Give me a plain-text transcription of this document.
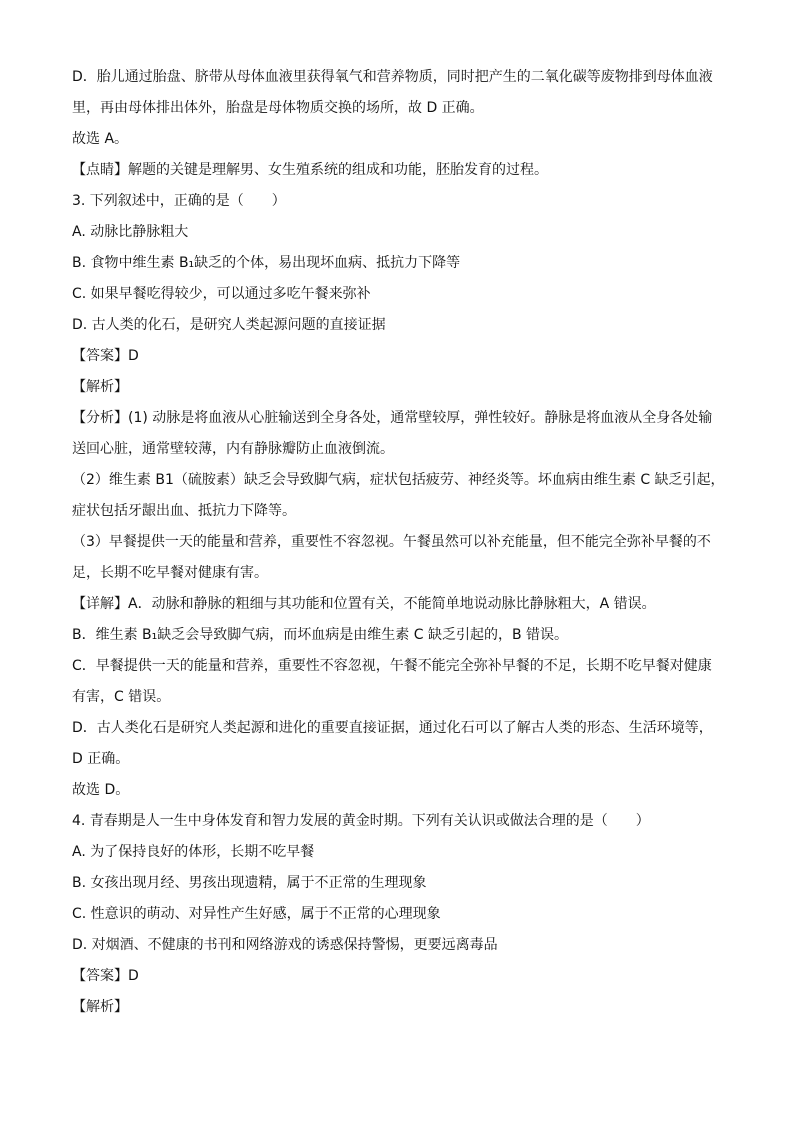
D．胎儿通过胎盘、脐带从母体血液里获得氧气和营养物质，同时把产生的二氧化碳等废物排到母体血液
里，再由母体排出体外，胎盘是母体物质交换的场所，故 D 正确。
故选 A。
【点睛】解题的关键是理解男、女生殖系统的组成和功能，胚胎发育的过程。
3. 下列叙述中，正确的是（　　）
A. 动脉比静脉粗大
B. 食物中维生素 B₁缺乏的个体，易出现坏血病、抵抗力下降等
C. 如果早餐吃得较少，可以通过多吃午餐来弥补
D. 古人类的化石，是研究人类起源问题的直接证据
【答案】D
【解析】
【分析】(1) 动脉是将血液从心脏输送到全身各处，通常壁较厚，弹性较好。静脉是将血液从全身各处输
送回心脏，通常壁较薄，内有静脉瓣防止血液倒流。
（2）维生素 B1（硫胺素）缺乏会导致脚气病，症状包括疲劳、神经炎等。坏血病由维生素 C 缺乏引起，
症状包括牙龈出血、抵抗力下降等。
（3）早餐提供一天的能量和营养，重要性不容忽视。午餐虽然可以补充能量，但不能完全弥补早餐的不
足，长期不吃早餐对健康有害。
【详解】A．动脉和静脉的粗细与其功能和位置有关，不能简单地说动脉比静脉粗大，A 错误。
B．维生素 B₁缺乏会导致脚气病，而坏血病是由维生素 C 缺乏引起的，B 错误。
C．早餐提供一天的能量和营养，重要性不容忽视，午餐不能完全弥补早餐的不足，长期不吃早餐对健康
有害，C 错误。
D．古人类化石是研究人类起源和进化的重要直接证据，通过化石可以了解古人类的形态、生活环境等，
D 正确。
故选 D。
4. 青春期是人一生中身体发育和智力发展的黄金时期。下列有关认识或做法合理的是（　　）
A. 为了保持良好的体形，长期不吃早餐
B. 女孩出现月经、男孩出现遗精，属于不正常的生理现象
C. 性意识的萌动、对异性产生好感，属于不正常的心理现象
D. 对烟酒、不健康的书刊和网络游戏的诱惑保持警惕，更要远离毒品
【答案】D
【解析】
